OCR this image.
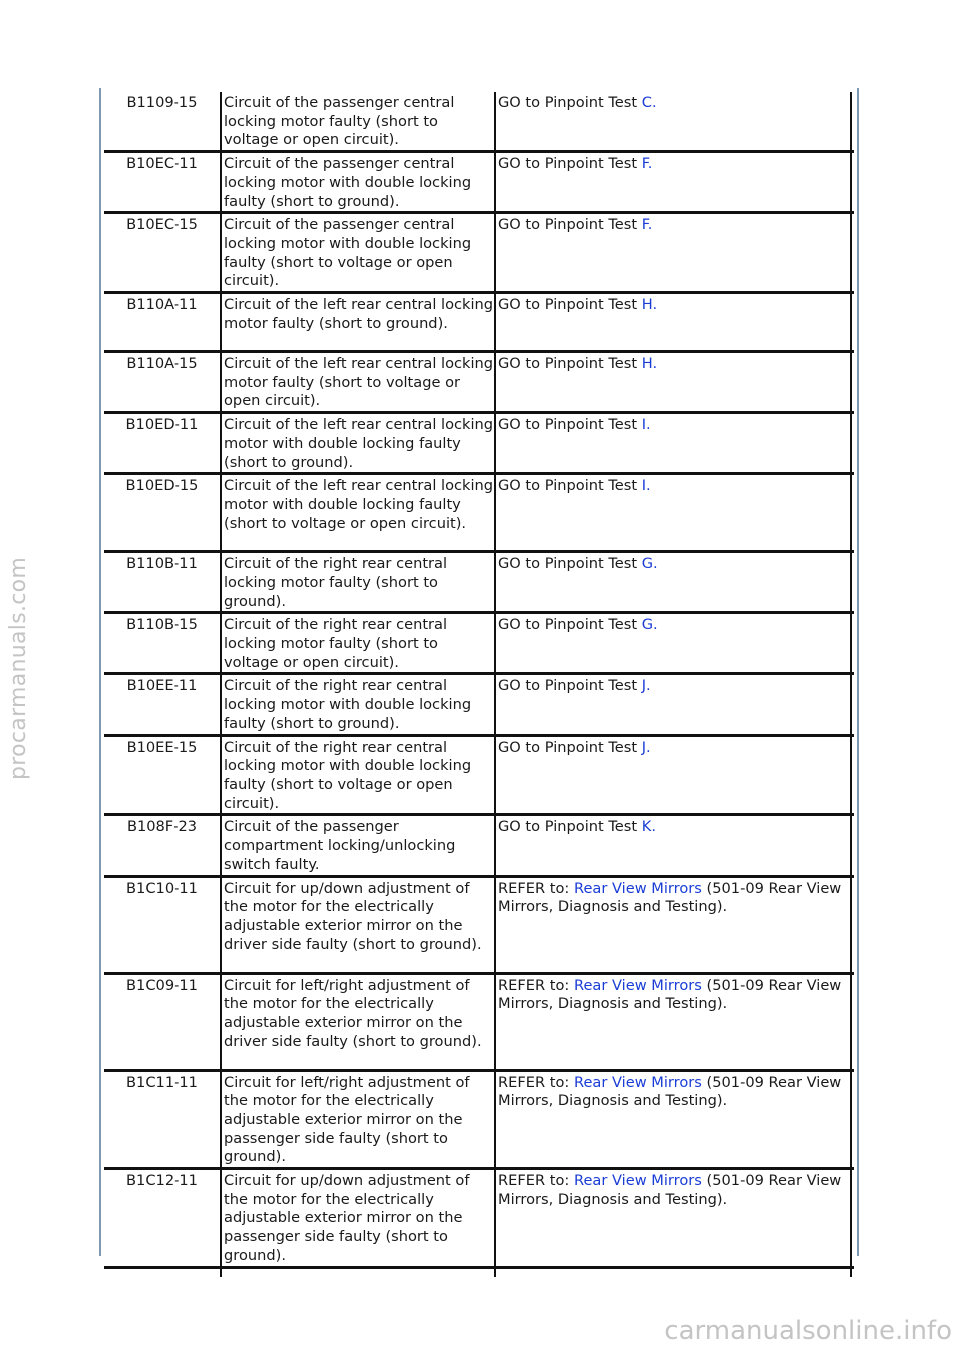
B1109-15	Circuit of the passenger central locking motor faulty (short to voltage or open circuit).	GO to Pinpoint Test C.	
B10EC-11	Circuit of the passenger central locking motor with double locking faulty (short to ground).	GO to Pinpoint Test F.	
B10EC-15	Circuit of the passenger central locking motor with double locking faulty (short to voltage or open circuit).	GO to Pinpoint Test F.	
B110A-11	Circuit of the left rear central locking motor faulty (short to ground).	GO to Pinpoint Test H.	
B110A-15	Circuit of the left rear central locking motor faulty (short to voltage or open circuit).	GO to Pinpoint Test H.	
B10ED-11	Circuit of the left rear central locking motor with double locking faulty (short to ground).	GO to Pinpoint Test I.	
B10ED-15	Circuit of the left rear central locking motor with double locking faulty (short to voltage or open circuit).	GO to Pinpoint Test I.	
B110B-11	Circuit of the right rear central locking motor faulty (short to ground).	GO to Pinpoint Test G.	
B110B-15	Circuit of the right rear central locking motor faulty (short to voltage or open circuit).	GO to Pinpoint Test G.	
B10EE-11	Circuit of the right rear central locking motor with double locking faulty (short to ground).	GO to Pinpoint Test J.	
B10EE-15	Circuit of the right rear central locking motor with double locking faulty (short to voltage or open circuit).	GO to Pinpoint Test J.	
B108F-23	Circuit of the passenger compartment locking/unlocking switch faulty.	GO to Pinpoint Test K.	
B1C10-11	Circuit for up/down adjustment of the motor for the electrically adjustable exterior mirror on the driver side faulty (short to ground).	REFER to: Rear View Mirrors (501-09 Rear View Mirrors, Diagnosis and Testing).	
B1C09-11	Circuit for left/right adjustment of the motor for the electrically adjustable exterior mirror on the driver side faulty (short to ground).	REFER to: Rear View Mirrors (501-09 Rear View Mirrors, Diagnosis and Testing).	
B1C11-11	Circuit for left/right adjustment of the motor for the electrically adjustable exterior mirror on the passenger side faulty (short to ground).	REFER to: Rear View Mirrors (501-09 Rear View Mirrors, Diagnosis and Testing).	
B1C12-11	Circuit for up/down adjustment of the motor for the electrically adjustable exterior mirror on the passenger side faulty (short to ground).	REFER to: Rear View Mirrors (501-09 Rear View Mirrors, Diagnosis and Testing).	

procarmanuals.com
carmanualsonline.info
